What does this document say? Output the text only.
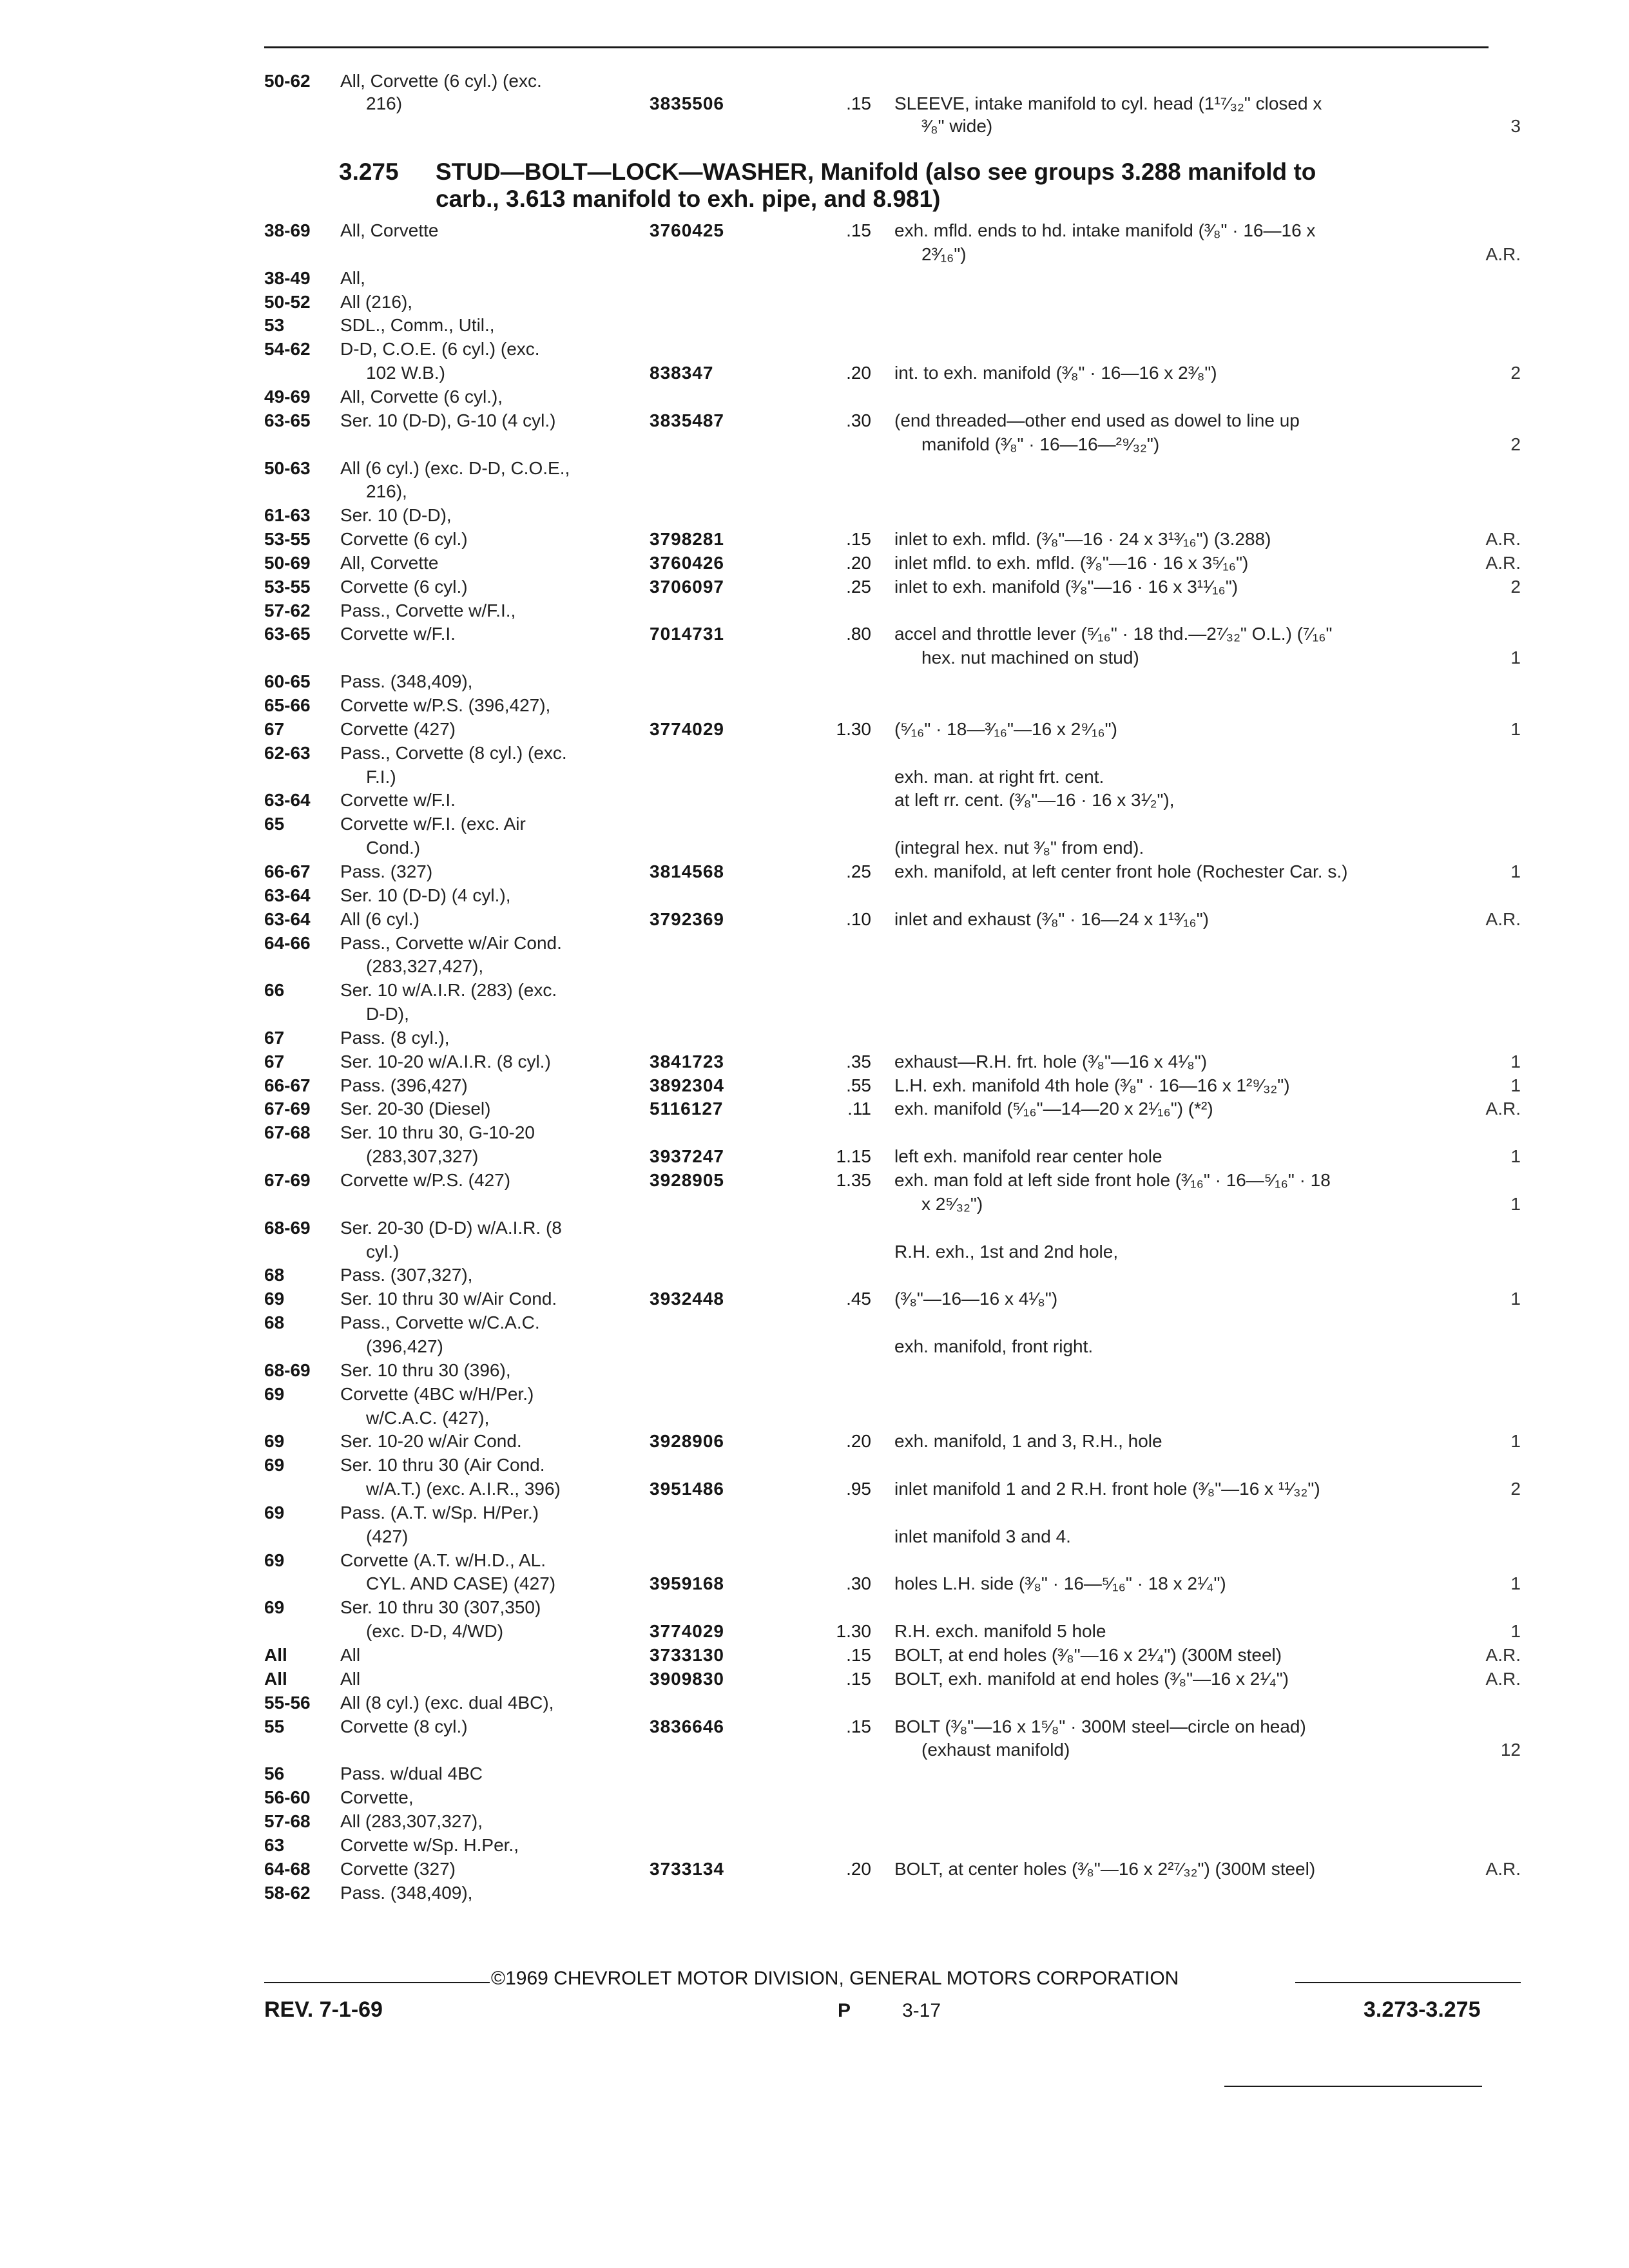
50-62 All, Corvette (6 cyl.) (exc.
216)	3835506	.15 SLEEVE, intake manifold to cyl. head (1¹⁷⁄₃₂" closed x
³⁄₈" wide)	3
3.275 STUD—BOLT—LOCK—WASHER, Manifold (also see groups 3.288 manifold to
carb., 3.613 manifold to exh. pipe, and 8.981)
38-69 All, Corvette	3760425	.15 exh. mfld. ends to hd. intake manifold (³⁄₈" · 16—16 x
2³⁄₁₆")	A.R.
38-49 All,
50-52 All (216),
53	SDL., Comm., Util.,
54-62 D-D, C.O.E. (6 cyl.) (exc.
102 W.B.)	838347	.20 int. to exh. manifold (³⁄₈" · 16—16 x 2³⁄₈")	2
49-69 All, Corvette (6 cyl.),
63-65 Ser. 10 (D-D), G-10 (4 cyl.)	3835487	.30 (end threaded—other end used as dowel to line up
manifold (³⁄₈" · 16—16—²⁹⁄₃₂")	2
50-63 All (6 cyl.) (exc. D-D, C.O.E.,
216),
61-63 Ser. 10 (D-D),
53-55 Corvette (6 cyl.)	3798281	.15 inlet to exh. mfld. (³⁄₈"—16 · 24 x 3¹³⁄₁₆") (3.288)	A.R.
50-69 All, Corvette	3760426	.20 inlet mfld. to exh. mfld. (³⁄₈"—16 · 16 x 3⁵⁄₁₆")	A.R.
53-55 Corvette (6 cyl.)	3706097	.25 inlet to exh. manifold (³⁄₈"—16 · 16 x 3¹¹⁄₁₆")	2
57-62 Pass., Corvette w/F.I.,
63-65 Corvette w/F.I.	7014731	.80 accel and throttle lever (⁵⁄₁₆" · 18 thd.—2⁷⁄₃₂" O.L.) (⁷⁄₁₆"
hex. nut machined on stud)	1
60-65 Pass. (348,409),
65-66 Corvette w/P.S. (396,427),
67	Corvette (427)	3774029	1.30 (⁵⁄₁₆" · 18—³⁄₁₆"—16 x 2⁹⁄₁₆")	1
62-63 Pass., Corvette (8 cyl.) (exc.
F.I.)	exh. man. at right frt. cent.
63-64 Corvette w/F.I.	at left rr. cent. (³⁄₈"—16 · 16 x 3¹⁄₂"),
65	Corvette w/F.I. (exc. Air
Cond.)	(integral hex. nut ³⁄₈" from end).
66-67 Pass. (327)	3814568	.25 exh. manifold, at left center front hole (Rochester Car. s.)	1
63-64 Ser. 10 (D-D) (4 cyl.),
63-64 All (6 cyl.)	3792369	.10 inlet and exhaust (³⁄₈" · 16—24 x 1¹³⁄₁₆")	A.R.
64-66 Pass., Corvette w/Air Cond.
(283,327,427),
66	Ser. 10 w/A.I.R. (283) (exc.
D-D),
67	Pass. (8 cyl.),
67	Ser. 10-20 w/A.I.R. (8 cyl.)	3841723	.35 exhaust—R.H. frt. hole (³⁄₈"—16 x 4¹⁄₈")	1
66-67 Pass. (396,427)	3892304	.55 L.H. exh. manifold 4th hole (³⁄₈" · 16—16 x 1²⁹⁄₃₂")	1
67-69 Ser. 20-30 (Diesel)	5116127	.11 exh. manifold (⁵⁄₁₆"—14—20 x 2¹⁄₁₆") (*²)	A.R.
67-68 Ser. 10 thru 30, G-10-20
(283,307,327)	3937247	1.15 left exh. manifold rear center hole	1
67-69 Corvette w/P.S. (427)	3928905	1.35 exh. man fold at left side front hole (³⁄₁₆" · 16—⁵⁄₁₆" · 18
x 2⁵⁄₃₂")	1
68-69 Ser. 20-30 (D-D) w/A.I.R. (8
cyl.)	R.H. exh., 1st and 2nd hole,
68	Pass. (307,327),
69	Ser. 10 thru 30 w/Air Cond.	3932448	.45 (³⁄₈"—16—16 x 4¹⁄₈")	1
68	Pass., Corvette w/C.A.C.
(396,427)	exh. manifold, front right.
68-69 Ser. 10 thru 30 (396),
69	Corvette (4BC w/H/Per.)
w/C.A.C. (427),
69	Ser. 10-20 w/Air Cond.	3928906	.20 exh. manifold, 1 and 3, R.H., hole	1
69	Ser. 10 thru 30 (Air Cond.
w/A.T.) (exc. A.I.R., 396)	3951486	.95 inlet manifold 1 and 2 R.H. front hole (³⁄₈"—16 x ¹¹⁄₃₂")	2
69	Pass. (A.T. w/Sp. H/Per.)
(427)	inlet manifold 3 and 4.
69	Corvette (A.T. w/H.D., AL.
CYL. AND CASE) (427)	3959168	.30 holes L.H. side (³⁄₈" · 16—⁵⁄₁₆" · 18 x 2¹⁄₄")	1
69	Ser. 10 thru 30 (307,350)
(exc. D-D, 4/WD)	3774029	1.30 R.H. exch. manifold 5 hole	1
All	All	3733130	.15 BOLT, at end holes (³⁄₈"—16 x 2¹⁄₄") (300M steel)	A.R.
All	All	3909830	.15 BOLT, exh. manifold at end holes (³⁄₈"—16 x 2¹⁄₄")	A.R.
55-56 All (8 cyl.) (exc. dual 4BC),
55	Corvette (8 cyl.)	3836646	.15 BOLT (³⁄₈"—16 x 1⁵⁄₈" · 300M steel—circle on head)
(exhaust manifold)	12
56	Pass. w/dual 4BC
56-60 Corvette,
57-68 All (283,307,327),
63	Corvette w/Sp. H.Per.,
64-68 Corvette (327)	3733134	.20 BOLT, at center holes (³⁄₈"—16 x 2²⁷⁄₃₂") (300M steel)	A.R.
58-62 Pass. (348,409),
©1969 CHEVROLET MOTOR DIVISION, GENERAL MOTORS CORPORATION
REV. 7-1-69	P	3-17	3.273-3.275
